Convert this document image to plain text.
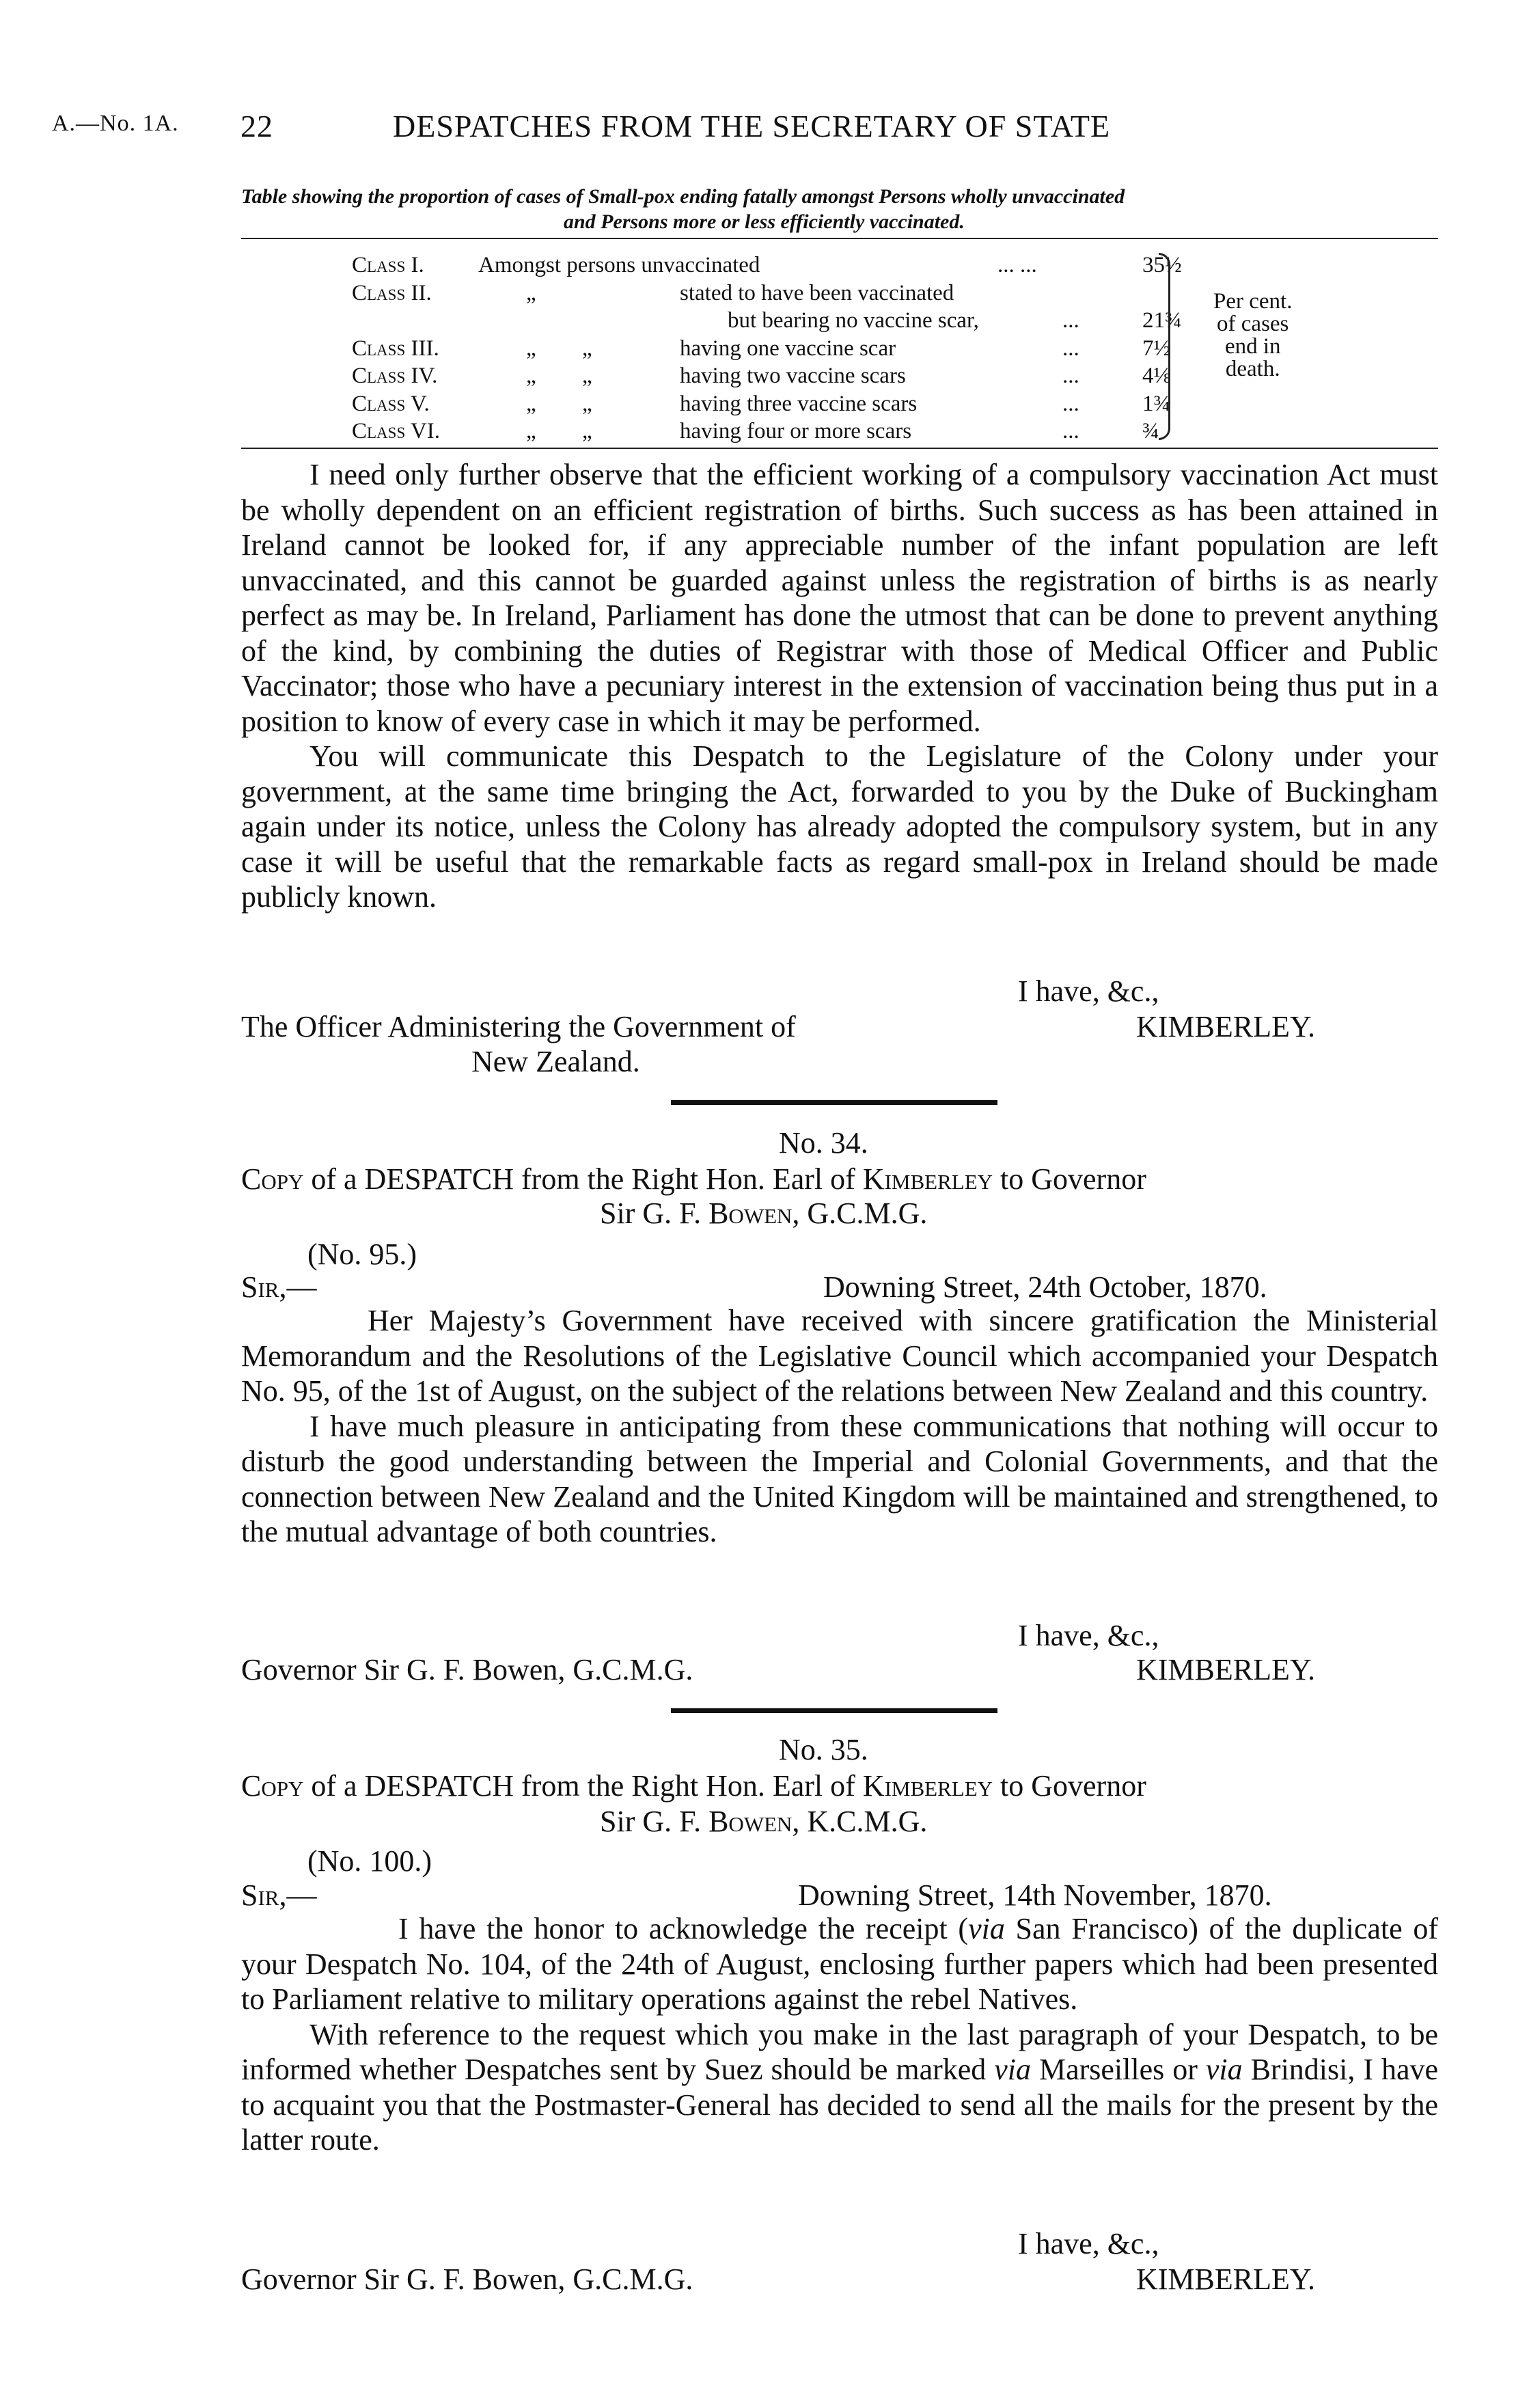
A.—No. 1A. 22	DESPATCHES FROM THE SECRETARY OF STATE
Table showing the proportion of cases of Small-pox ending fatally amongst Persons wholly unvaccinated
and Persons more or less efficiently vaccinated.
Class I. Amongst persons unvaccinated	... ...	35½
Class II.	„	stated to have been vaccinated
but bearing no vaccine scar,	...	21¾
Class III.	„ „	having one vaccine scar	...	7½
Class IV.	„ „	having two vaccine scars	...	4⅛
Class V.	„ „	having three vaccine scars	...	1¾
Class VI.	„ „	having four or more scars	...	¾
Per cent.
of cases
end in
death.

I need only further observe that the efficient working of a compulsory vaccination Act must be wholly dependent on an efficient registration of births. Such success as has been attained in Ireland cannot be looked for, if any appreciable number of the infant population are left unvaccinated, and this cannot be guarded against unless the registration of births is as nearly perfect as may be. In Ireland, Parliament has done the utmost that can be done to prevent anything of the kind, by combining the duties of Registrar with those of Medical Officer and Public Vaccinator; those who have a pecuniary interest in the extension of vaccination being thus put in a position to know of every case in which it may be performed.

You will communicate this Despatch to the Legislature of the Colony under your government, at the same time bringing the Act, forwarded to you by the Duke of Buckingham again under its notice, unless the Colony has already adopted the compulsory system, but in any case it will be useful that the remarkable facts as regard small-pox in Ireland should be made publicly known.

I have, &c.,
The Officer Administering the Government of
New Zealand.
KIMBERLEY.
No. 34.
Copy of a DESPATCH from the Right Hon. Earl of Kimberley to Governor
Sir G. F. Bowen, G.C.M.G.
(No. 95.)
Sir,—	Downing Street, 24th October, 1870.

Her Majesty’s Government have received with sincere gratification the Ministerial Memorandum and the Resolutions of the Legislative Council which accompanied your Despatch No. 95, of the 1st of August, on the subject of the relations between New Zealand and this country.

I have much pleasure in anticipating from these communications that nothing will occur to disturb the good understanding between the Imperial and Colonial Governments, and that the connection between New Zealand and the United Kingdom will be maintained and strengthened, to the mutual advantage of both countries.

I have, &c.,
Governor Sir G. F. Bowen, G.C.M.G.	KIMBERLEY.
No. 35.
Copy of a DESPATCH from the Right Hon. Earl of Kimberley to Governor
Sir G. F. Bowen, K.C.M.G.
(No. 100.)
Sir,—	Downing Street, 14th November, 1870.

I have the honor to acknowledge the receipt (via San Francisco) of the duplicate of your Despatch No. 104, of the 24th of August, enclosing further papers which had been presented to Parliament relative to military operations against the rebel Natives.

With reference to the request which you make in the last paragraph of your Despatch, to be informed whether Despatches sent by Suez should be marked via Marseilles or via Brindisi, I have to acquaint you that the Postmaster-General has decided to send all the mails for the present by the latter route.

I have, &c.,
Governor Sir G. F. Bowen, G.C.M.G.	KIMBERLEY.
